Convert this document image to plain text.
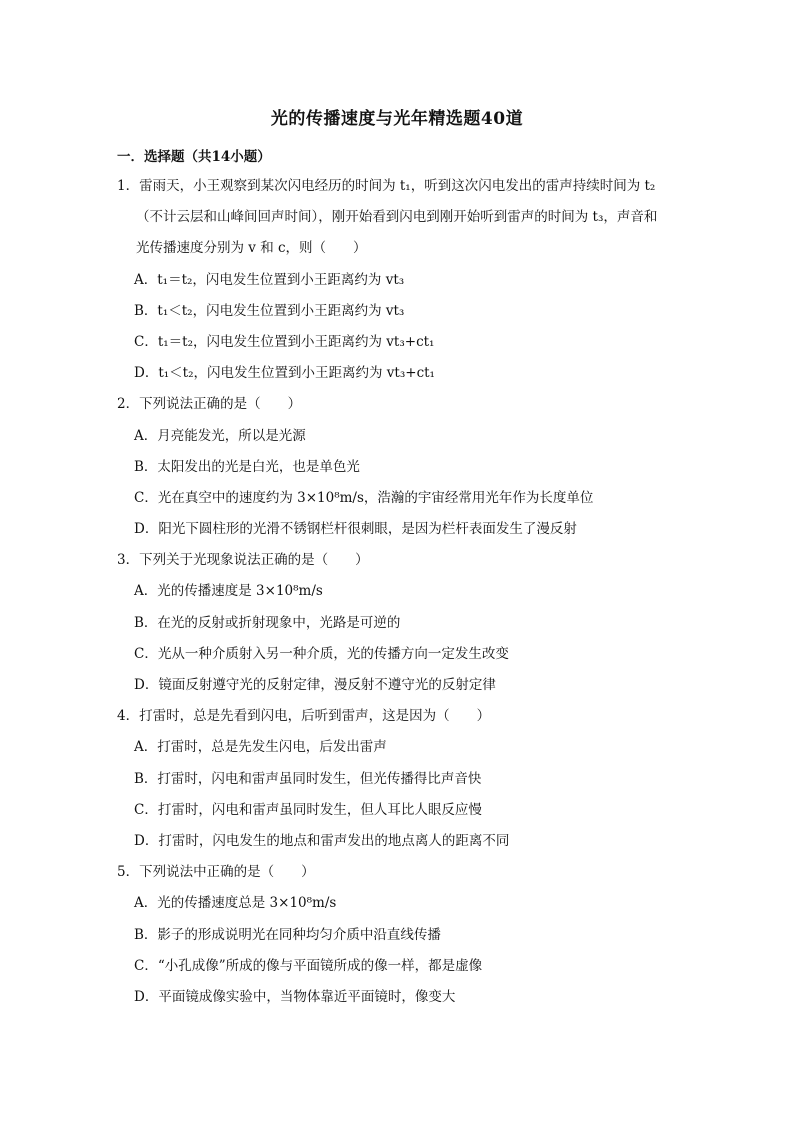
光的传播速度与光年精选题40道
一．选择题（共14小题）
1．雷雨天，小王观察到某次闪电经历的时间为 t₁，听到这次闪电发出的雷声持续时间为 t₂
（不计云层和山峰间回声时间），刚开始看到闪电到刚开始听到雷声的时间为 t₃，声音和
光传播速度分别为 v 和 c，则（　　）
A．t₁＝t₂，闪电发生位置到小王距离约为 vt₃
B．t₁＜t₂，闪电发生位置到小王距离约为 vt₃
C．t₁＝t₂，闪电发生位置到小王距离约为 vt₃+ct₁
D．t₁＜t₂，闪电发生位置到小王距离约为 vt₃+ct₁
2．下列说法正确的是（　　）
A．月亮能发光，所以是光源
B．太阳发出的光是白光，也是单色光
C．光在真空中的速度约为 3×10⁸m/s，浩瀚的宇宙经常用光年作为长度单位
D．阳光下圆柱形的光滑不锈钢栏杆很刺眼，是因为栏杆表面发生了漫反射
3．下列关于光现象说法正确的是（　　）
A．光的传播速度是 3×10⁸m/s
B．在光的反射或折射现象中，光路是可逆的
C．光从一种介质射入另一种介质，光的传播方向一定发生改变
D．镜面反射遵守光的反射定律，漫反射不遵守光的反射定律
4．打雷时，总是先看到闪电，后听到雷声，这是因为（　　）
A．打雷时，总是先发生闪电，后发出雷声
B．打雷时，闪电和雷声虽同时发生，但光传播得比声音快
C．打雷时，闪电和雷声虽同时发生，但人耳比人眼反应慢
D．打雷时，闪电发生的地点和雷声发出的地点离人的距离不同
5．下列说法中正确的是（　　）
A．光的传播速度总是 3×10⁸m/s
B．影子的形成说明光在同种均匀介质中沿直线传播
C．“小孔成像”所成的像与平面镜所成的像一样，都是虚像
D．平面镜成像实验中，当物体靠近平面镜时，像变大
